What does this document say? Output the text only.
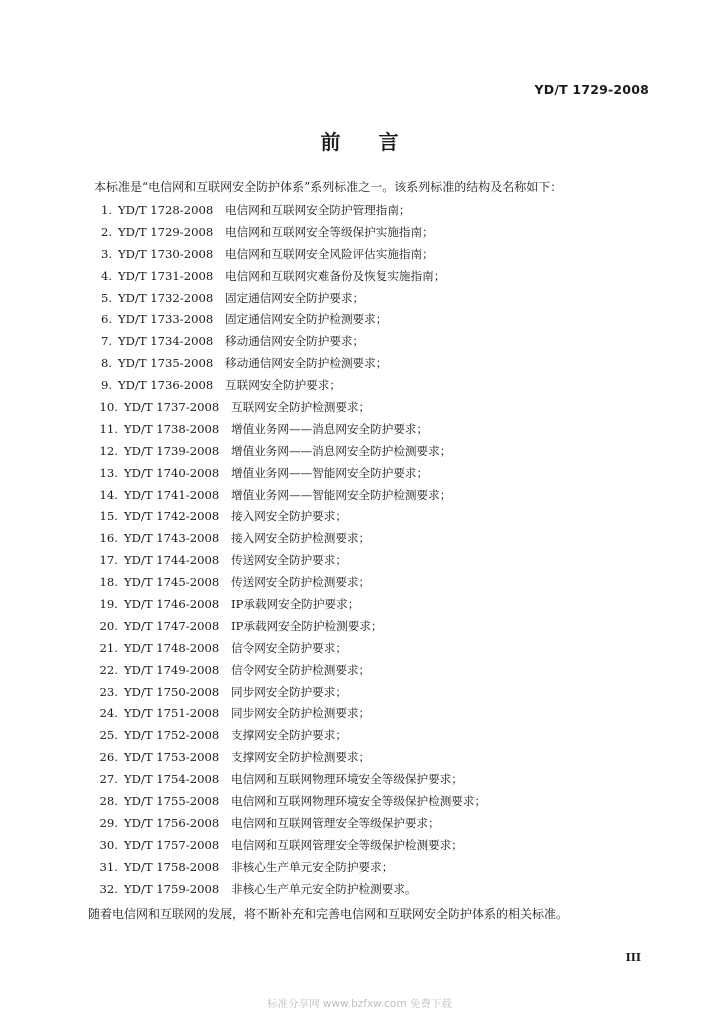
YD/T 1729-2008
前言
本标准是“电信网和互联网安全防护体系”系列标准之一。该系列标准的结构及名称如下：
1. YD/T 1728-2008	电信网和互联网安全防护管理指南；
2. YD/T 1729-2008	电信网和互联网安全等级保护实施指南；
3. YD/T 1730-2008	电信网和互联网安全风险评估实施指南；
4. YD/T 1731-2008	电信网和互联网灾难备份及恢复实施指南；
5. YD/T 1732-2008	固定通信网安全防护要求；
6. YD/T 1733-2008	固定通信网安全防护检测要求；
7. YD/T 1734-2008	移动通信网安全防护要求；
8. YD/T 1735-2008	移动通信网安全防护检测要求；
9. YD/T 1736-2008	互联网安全防护要求；
10. YD/T 1737-2008	互联网安全防护检测要求；
11. YD/T 1738-2008	增值业务网——消息网安全防护要求；
12. YD/T 1739-2008	增值业务网——消息网安全防护检测要求；
13. YD/T 1740-2008	增值业务网——智能网安全防护要求；
14. YD/T 1741-2008	增值业务网——智能网安全防护检测要求；
15. YD/T 1742-2008	接入网安全防护要求；
16. YD/T 1743-2008	接入网安全防护检测要求；
17. YD/T 1744-2008	传送网安全防护要求；
18. YD/T 1745-2008	传送网安全防护检测要求；
19. YD/T 1746-2008	IP承载网安全防护要求；
20. YD/T 1747-2008	IP承载网安全防护检测要求；
21. YD/T 1748-2008	信令网安全防护要求；
22. YD/T 1749-2008	信令网安全防护检测要求；
23. YD/T 1750-2008	同步网安全防护要求；
24. YD/T 1751-2008	同步网安全防护检测要求；
25. YD/T 1752-2008	支撑网安全防护要求；
26. YD/T 1753-2008	支撑网安全防护检测要求；
27. YD/T 1754-2008	电信网和互联网物理环境安全等级保护要求；
28. YD/T 1755-2008	电信网和互联网物理环境安全等级保护检测要求；
29. YD/T 1756-2008	电信网和互联网管理安全等级保护要求；
30. YD/T 1757-2008	电信网和互联网管理安全等级保护检测要求；
31. YD/T 1758-2008	非核心生产单元安全防护要求；
32. YD/T 1759-2008	非核心生产单元安全防护检测要求。
随着电信网和互联网的发展，将不断补充和完善电信网和互联网安全防护体系的相关标准。
III
标准分享网 www.bzfxw.com 免费下载
